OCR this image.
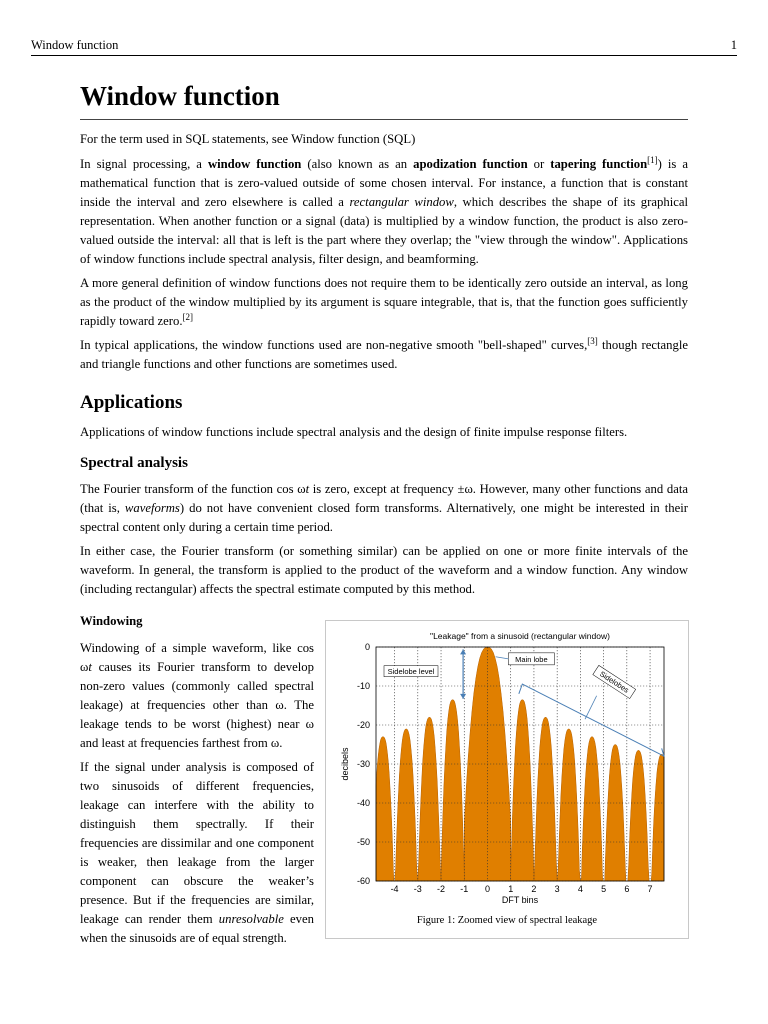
Window function	1
Window function

For the term used in SQL statements, see Window function (SQL)

In signal processing, a window function (also known as an apodization function or tapering function[1]) is a mathematical function that is zero-valued outside of some chosen interval. For instance, a function that is constant inside the interval and zero elsewhere is called a rectangular window, which describes the shape of its graphical representation. When another function or a signal (data) is multiplied by a window function, the product is also zero-valued outside the interval: all that is left is the part where they overlap; the "view through the window". Applications of window functions include spectral analysis, filter design, and beamforming.

A more general definition of window functions does not require them to be identically zero outside an interval, as long as the product of the window multiplied by its argument is square integrable, that is, that the function goes sufficiently rapidly toward zero.[2]

In typical applications, the window functions used are non-negative smooth "bell-shaped" curves,[3] though rectangle and triangle functions and other functions are sometimes used.

Applications

Applications of window functions include spectral analysis and the design of finite impulse response filters.

Spectral analysis

The Fourier transform of the function cos ωt is zero, except at frequency ±ω. However, many other functions and data (that is, waveforms) do not have convenient closed form transforms. Alternatively, one might be interested in their spectral content only during a certain time period.

In either case, the Fourier transform (or something similar) can be applied on one or more finite intervals of the waveform. In general, the transform is applied to the product of the waveform and a window function. Any window (including rectangular) affects the spectral estimate computed by this method.

Windowing

Windowing of a simple waveform, like cos ωt causes its Fourier transform to develop non-zero values (commonly called spectral leakage) at frequencies other than ω. The leakage tends to be worst (highest) near ω and least at frequencies farthest from ω.

If the signal under analysis is composed of two sinusoids of different frequencies, leakage can interfere with the ability to distinguish them spectrally. If their frequencies are dissimilar and one component is weaker, then leakage from the larger component can obscure the weaker’s presence. But if the frequencies are similar, leakage can render them unresolvable even when the sinusoids are of equal strength.

"Leakage" from a sinusoid (rectangular window)
-4 -3 -2 -1 0 1 2 3 4 5 6 7
0
-10
-20
-30
-40
-50
-60
DFT bins
decibels
Sidelobe level
Main lobe
Sidelobes
Figure 1: Zoomed view of spectral leakage
